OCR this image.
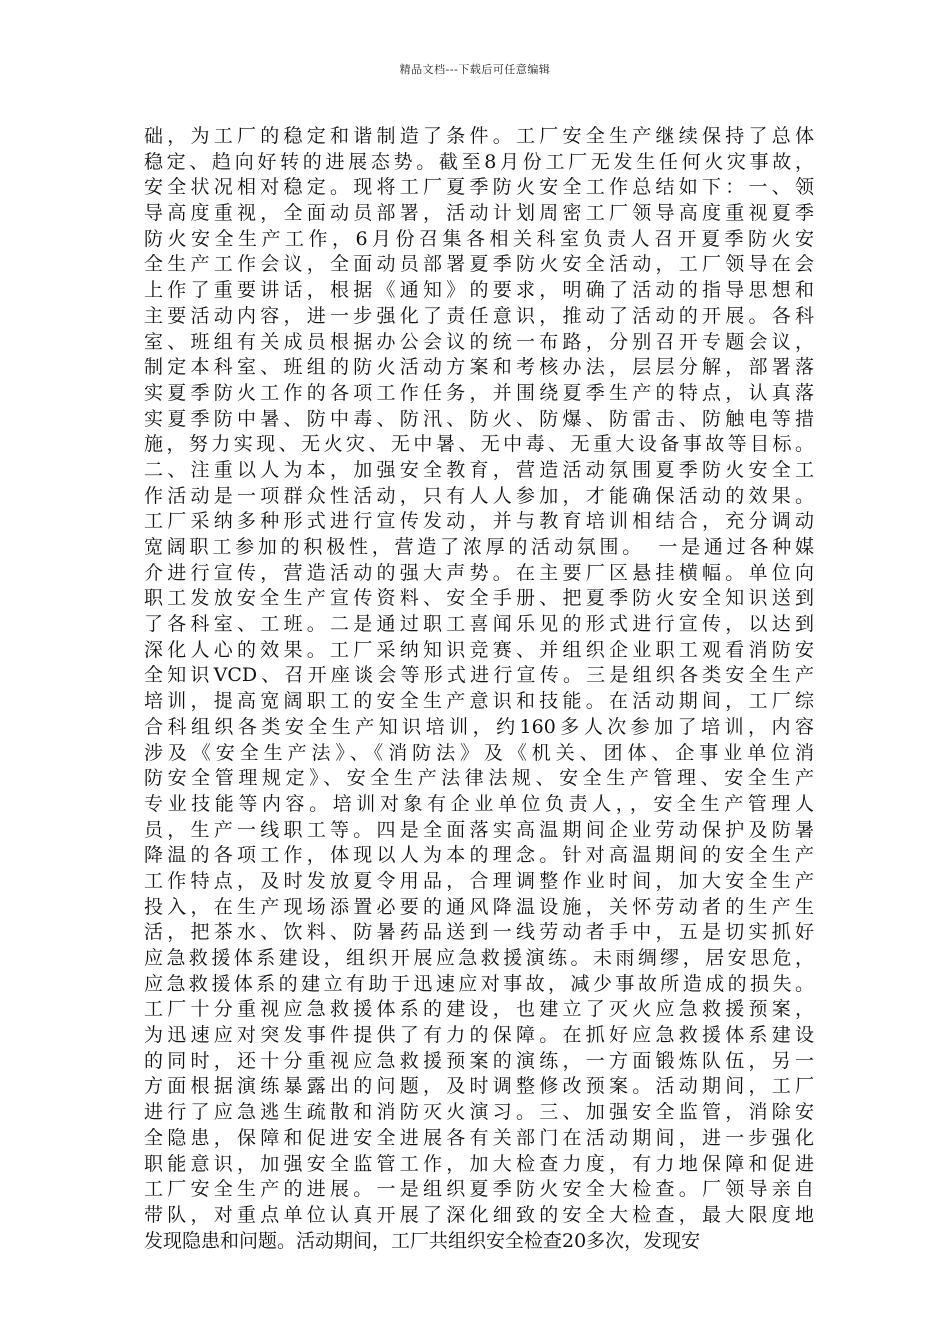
精品文档---下载后可任意编辑
础，为工厂的稳定和谐制造了条件。工厂安全生产继续保持了总体
稳定、趋向好转的进展态势。截至8月份工厂无发生任何火灾事故，
安全状况相对稳定。现将工厂夏季防火安全工作总结如下：一、领
导高度重视，全面动员部署，活动计划周密工厂领导高度重视夏季
防火安全生产工作，6月份召集各相关科室负责人召开夏季防火安
全生产工作会议，全面动员部署夏季防火安全活动，工厂领导在会
上作了重要讲话，根据《通知》的要求，明确了活动的指导思想和
主要活动内容，进一步强化了责任意识，推动了活动的开展。各科
室、班组有关成员根据办公会议的统一布路，分别召开专题会议，
制定本科室、班组的防火活动方案和考核办法，层层分解，部署落
实夏季防火工作的各项工作任务，并围绕夏季生产的特点，认真落
实夏季防中暑、防中毒、防汛、防火、防爆、防雷击、防触电等措
施，努力实现、无火灾、无中暑、无中毒、无重大设备事故等目标。
二、注重以人为本，加强安全教育，营造活动氛围夏季防火安全工
作活动是一项群众性活动，只有人人参加，才能确保活动的效果。
工厂采纳多种形式进行宣传发动，并与教育培训相结合，充分调动
宽阔职工参加的积极性，营造了浓厚的活动氛围。　一是通过各种媒
介进行宣传，营造活动的强大声势。在主要厂区悬挂横幅。单位向
职工发放安全生产宣传资料、安全手册、把夏季防火安全知识送到
了各科室、工班。二是通过职工喜闻乐见的形式进行宣传，以达到
深化人心的效果。工厂采纳知识竞赛、并组织企业职工观看消防安
全知识VCD、召开座谈会等形式进行宣传。三是组织各类安全生产
培训，提高宽阔职工的安全生产意识和技能。在活动期间，工厂综
合科组织各类安全生产知识培训，约160多人次参加了培训，内容
涉及《安全生产法》、《消防法》及《机关、团体、企事业单位消
防安全管理规定》、安全生产法律法规、安全生产管理、安全生产
专业技能等内容。培训对象有企业单位负责人，，安全生产管理人
员，生产一线职工等。四是全面落实高温期间企业劳动保护及防暑
降温的各项工作，体现以人为本的理念。针对高温期间的安全生产
工作特点，及时发放夏令用品，合理调整作业时间，加大安全生产
投入，在生产现场添置必要的通风降温设施，关怀劳动者的生产生
活，把茶水、饮料、防暑药品送到一线劳动者手中，五是切实抓好
应急救援体系建设，组织开展应急救援演练。未雨绸缪，居安思危，
应急救援体系的建立有助于迅速应对事故，减少事故所造成的损失。
工厂十分重视应急救援体系的建设，也建立了灭火应急救援预案，
为迅速应对突发事件提供了有力的保障。在抓好应急救援体系建设
的同时，还十分重视应急救援预案的演练，一方面锻炼队伍，另一
方面根据演练暴露出的问题，及时调整修改预案。活动期间，工厂
进行了应急逃生疏散和消防灭火演习。三、加强安全监管，消除安
全隐患，保障和促进安全进展各有关部门在活动期间，进一步强化
职能意识，加强安全监管工作，加大检查力度，有力地保障和促进
工厂安全生产的进展。一是组织夏季防火安全大检查。厂领导亲自
带队，对重点单位认真开展了深化细致的安全大检查，最大限度地
发现隐患和问题。活动期间，工厂共组织安全检查20多次，发现安
